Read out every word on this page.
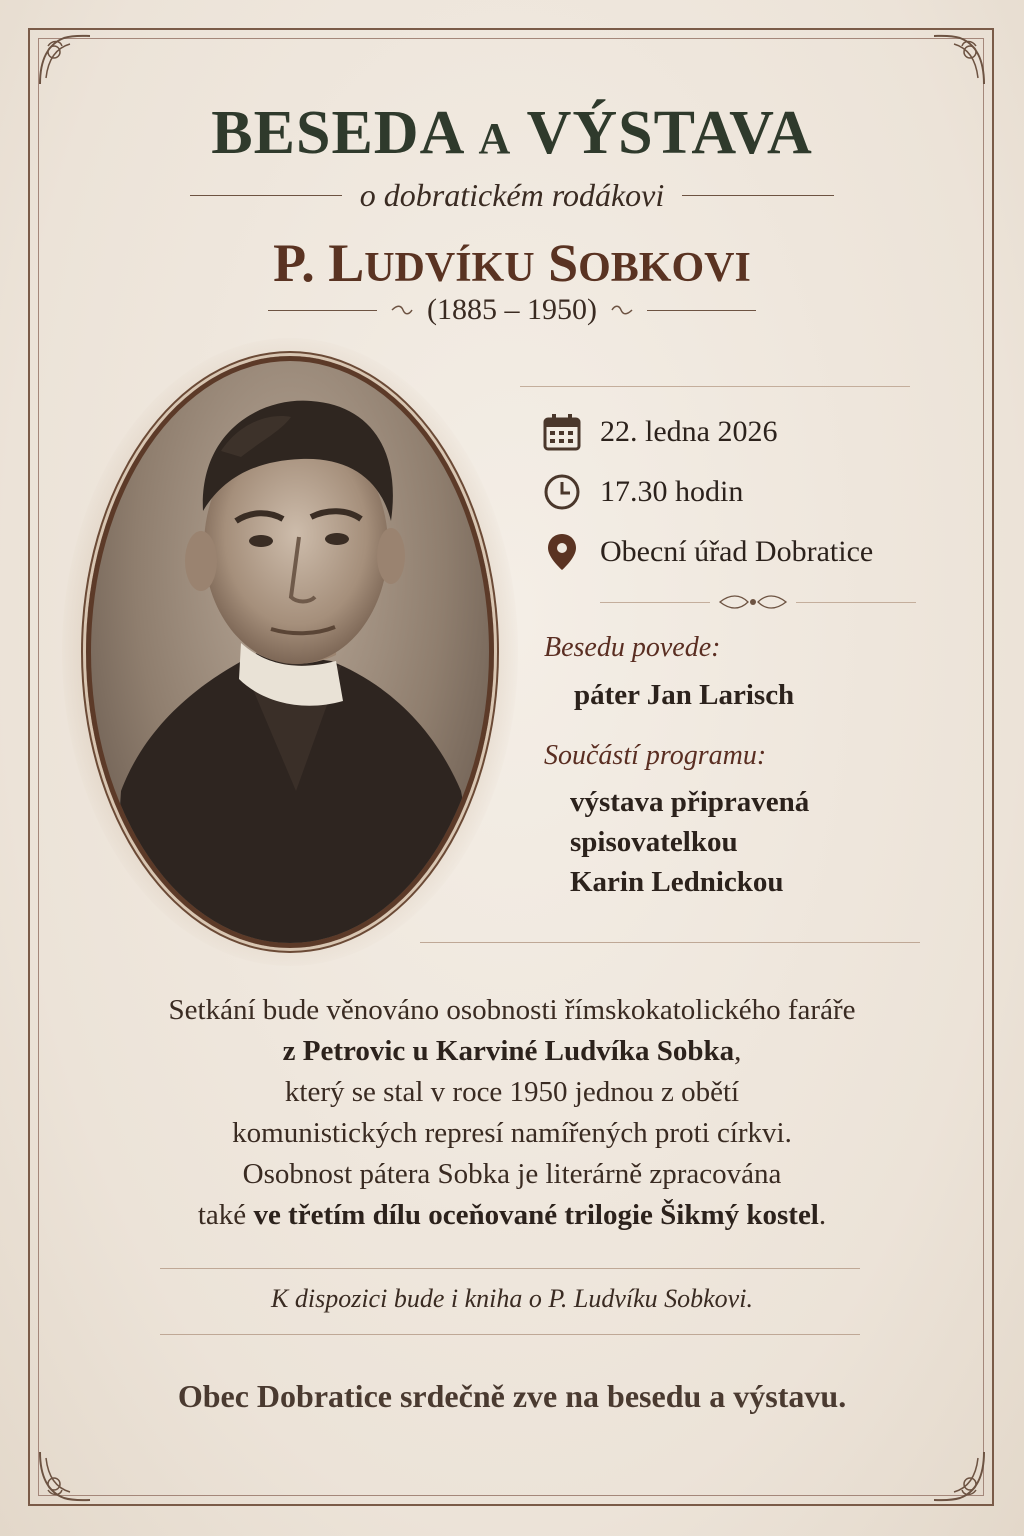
BESEDA A VÝSTAVA
o dobratickém rodákovi
P. LUDVÍKU SOBKOVI
(1885 – 1950)
22. ledna 2026
17.30 hodin
Obecní úřad Dobratice
Besedu povede:
páter Jan Larisch
Součástí programu:
výstava připravená
spisovatelkou
Karin Lednickou
Setkání bude věnováno osobnosti římskokatolického faráře
z Petrovic u Karviné Ludvíka Sobka,
který se stal v roce 1950 jednou z obětí
komunistických represí namířených proti církvi.
Osobnost pátera Sobka je literárně zpracována
také ve třetím dílu oceňované trilogie Šikmý kostel.
K dispozici bude i kniha o P. Ludvíku Sobkovi.
Obec Dobratice srdečně zve na besedu a výstavu.
